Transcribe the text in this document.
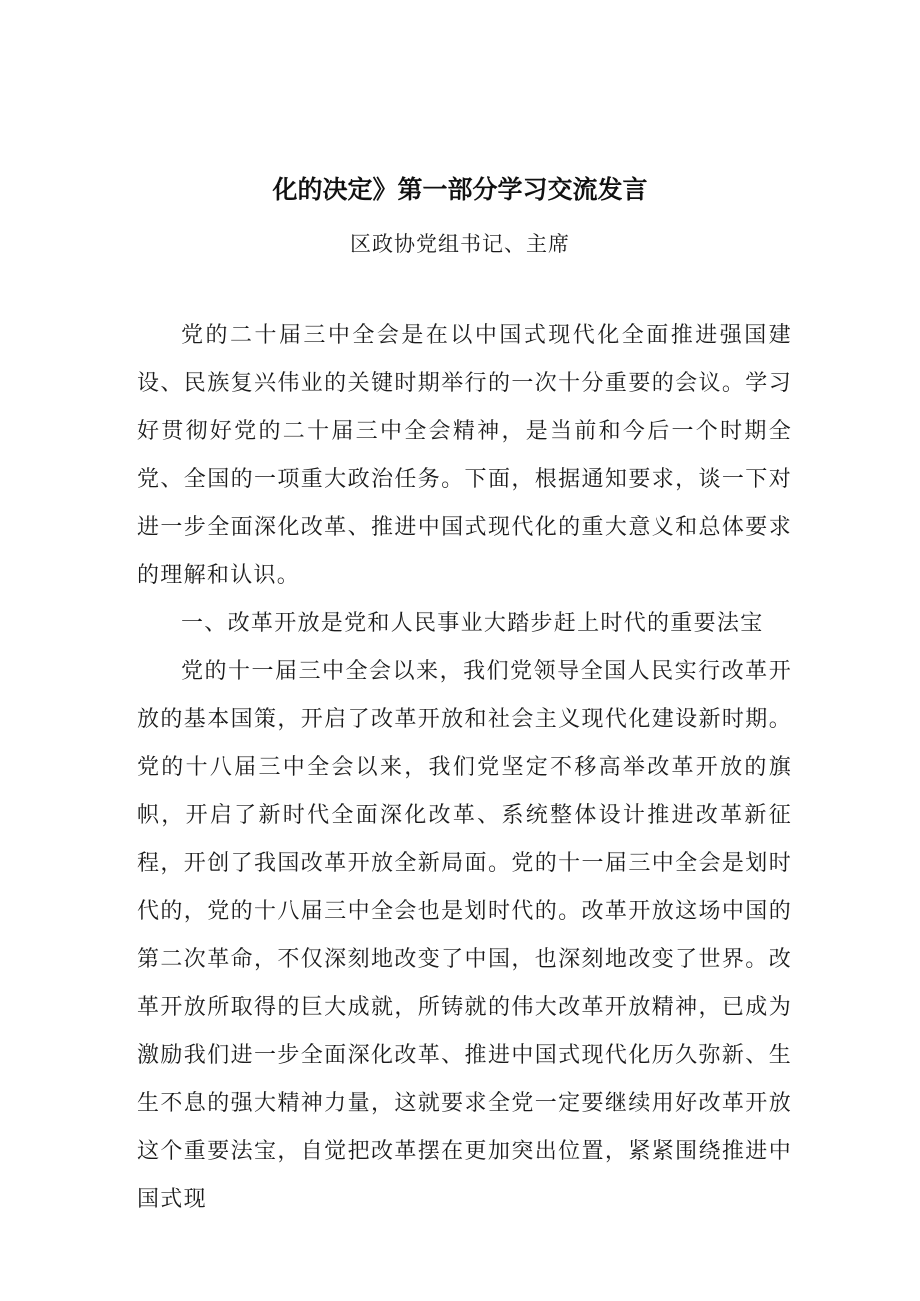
化的决定》第一部分学习交流发言
区政协党组书记、主席

党的二十届三中全会是在以中国式现代化全面推进强国建设、民族复兴伟业的关键时期举行的一次十分重要的会议。学习好贯彻好党的二十届三中全会精神，是当前和今后一个时期全党、全国的一项重大政治任务。下面，根据通知要求，谈一下对进一步全面深化改革、推进中国式现代化的重大意义和总体要求的理解和认识。

一、改革开放是党和人民事业大踏步赶上时代的重要法宝

党的十一届三中全会以来，我们党领导全国人民实行改革开放的基本国策，开启了改革开放和社会主义现代化建设新时期。党的十八届三中全会以来，我们党坚定不移高举改革开放的旗帜，开启了新时代全面深化改革、系统整体设计推进改革新征程，开创了我国改革开放全新局面。党的十一届三中全会是划时代的，党的十八届三中全会也是划时代的。改革开放这场中国的第二次革命，不仅深刻地改变了中国，也深刻地改变了世界。改革开放所取得的巨大成就，所铸就的伟大改革开放精神，已成为激励我们进一步全面深化改革、推进中国式现代化历久弥新、生生不息的强大精神力量，这就要求全党一定要继续用好改革开放这个重要法宝，自觉把改革摆在更加突出位置，紧紧围绕推进中国式现
